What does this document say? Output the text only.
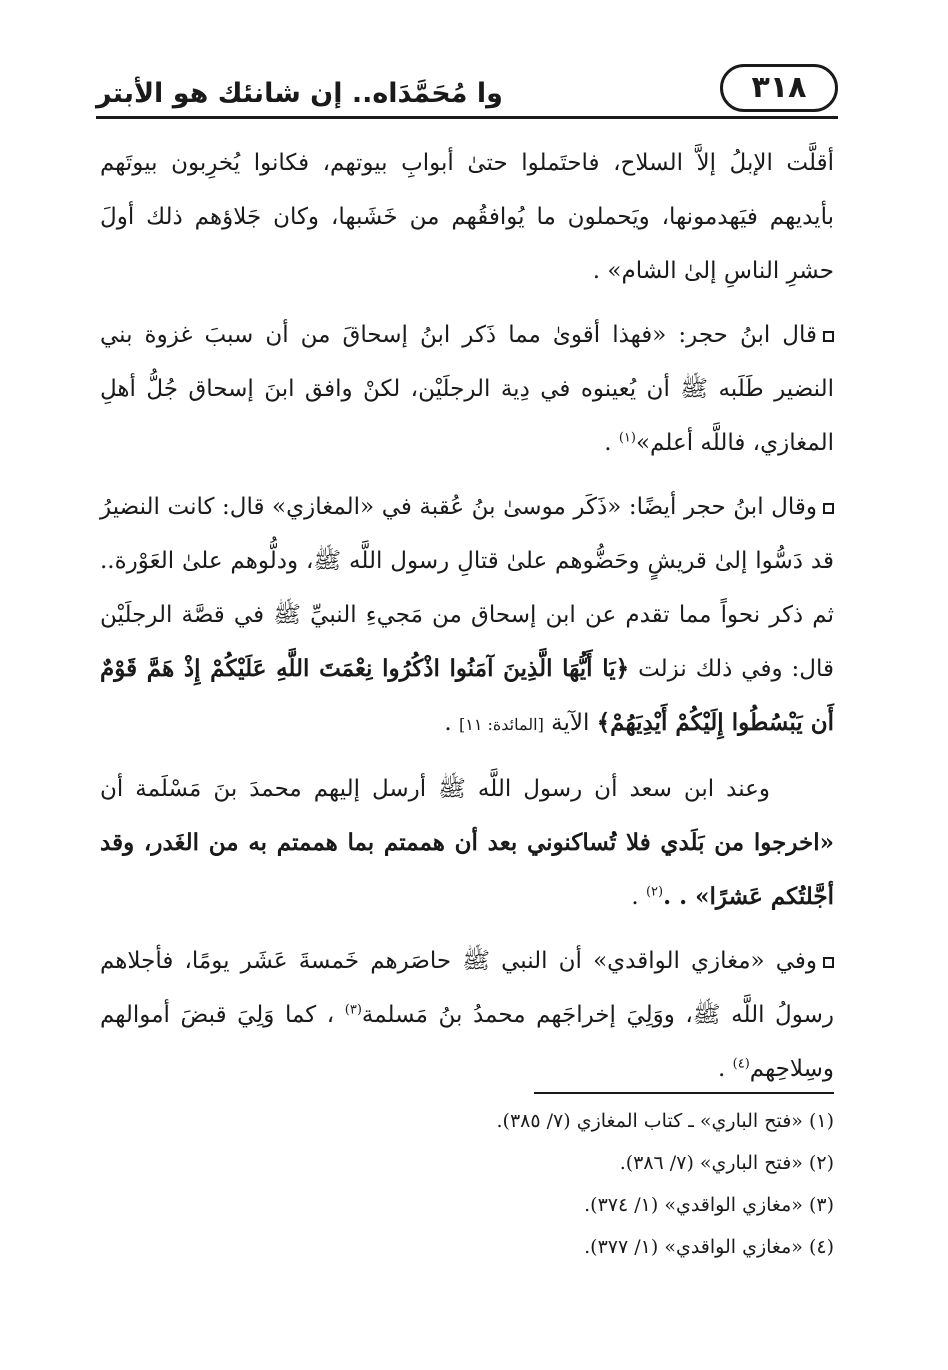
وا مُحَمَّدَاه.. إن شانئك هو الأبتر	٣١٨

أقلَّت الإبلُ إلاَّ السلاح، فاحتَملوا حتىٰ أبوابِ بيوتهم، فكانوا يُخرِبون بيوتَهم بأيديهم فيَهدمونها، ويَحملون ما يُوافقُهم من خَشَبها، وكان جَلاؤهم ذلك أولَ حشرِ الناسِ إلىٰ الشام» .

قال ابنُ حجر: «فهذا أقوىٰ مما ذَكر ابنُ إسحاقَ من أن سببَ غزوة بني النضير طَلَبه ﷺ أن يُعينوه في دِية الرجلَيْن، لكنْ وافق ابنَ إسحاق جُلُّ أهلِ المغازي، فاللَّه أعلم»$^{(١)}$ .

وقال ابنُ حجر أيضًا: «ذَكَر موسىٰ بنُ عُقبة في «المغازي» قال: كانت النضيرُ قد دَسُّوا إلىٰ قريشٍ وحَضُّوهم علىٰ قتالِ رسول اللَّه ﷺ، ودلُّوهم علىٰ العَوْرة.. ثم ذكر نحواً مما تقدم عن ابن إسحاق من مَجيءِ النبيِّ ﷺ في قصَّة الرجلَيْن قال: وفي ذلك نزلت ﴿يَا أَيُّهَا الَّذِينَ آمَنُوا اذْكُرُوا نِعْمَتَ اللَّهِ عَلَيْكُمْ إِذْ هَمَّ قَوْمٌ أَن يَبْسُطُوا إِلَيْكُمْ أَيْدِيَهُمْ﴾ الآية [المائدة: ١١] .

وعند ابن سعد أن رسول اللَّه ﷺ أرسل إليهم محمدَ بنَ مَسْلَمة أن «اخرجوا من بَلَدي فلا تُساكنوني بعد أن هممتم بما هممتم به من الغَدر، وقد أجَّلتُكم عَشرًا» . .$^{(٢)}$ .

وفي «مغازي الواقدي» أن النبي ﷺ حاصَرهم خَمسةَ عَشَر يومًا، فأجلاهم رسولُ اللَّه ﷺ، ووَلِيَ إخراجَهم محمدُ بنُ مَسلمة$^{(٣)}$ ، كما وَلِيَ قبضَ أموالهم وسِلاحِهم$^{(٤)}$ .

(١) «فتح الباري» ـ كتاب المغازي (٧/ ٣٨٥).
(٢) «فتح الباري» (٧/ ٣٨٦).
(٣) «مغازي الواقدي» (١/ ٣٧٤).
(٤) «مغازي الواقدي» (١/ ٣٧٧).
